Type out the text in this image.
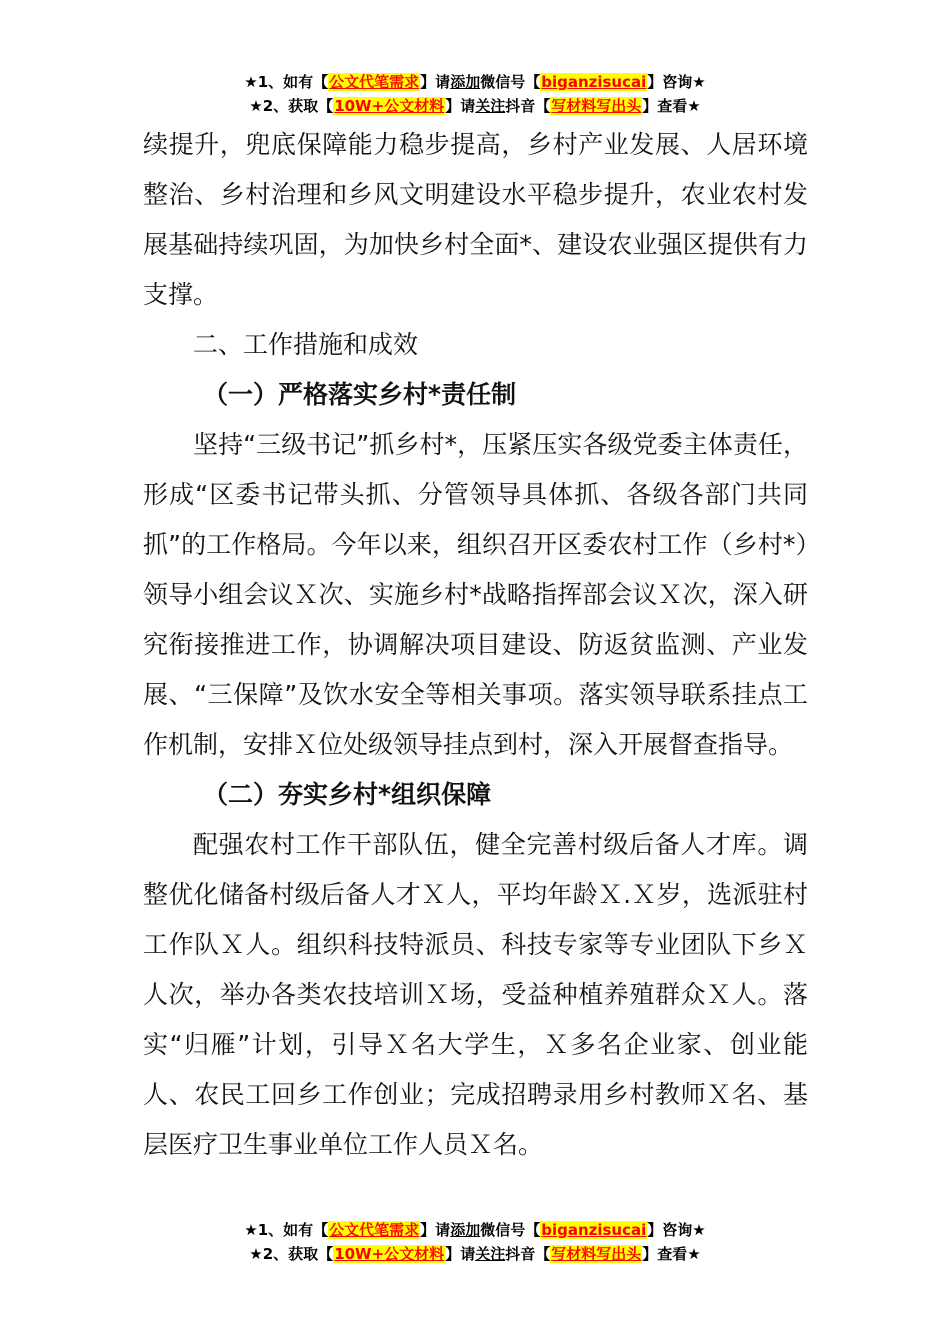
★1、如有【公文代笔需求】请添加微信号【biganzisucai】咨询★
★2、获取【10W+公文材料】请关注抖音【写材料写出头】查看★

续提升，兜底保障能力稳步提高，乡村产业发展、人居环境整治、乡村治理和乡风文明建设水平稳步提升，农业农村发展基础持续巩固，为加快乡村全面*、建设农业强区提供有力支撑。

二、工作措施和成效

（一）严格落实乡村*责任制

坚持“三级书记”抓乡村*，压紧压实各级党委主体责任，形成“区委书记带头抓、分管领导具体抓、各级各部门共同抓”的工作格局。今年以来，组织召开区委农村工作（乡村*）领导小组会议Ｘ次、实施乡村*战略指挥部会议Ｘ次，深入研究衔接推进工作，协调解决项目建设、防返贫监测、产业发展、“三保障”及饮水安全等相关事项。落实领导联系挂点工作机制，安排Ｘ位处级领导挂点到村，深入开展督查指导。

（二）夯实乡村*组织保障

配强农村工作干部队伍，健全完善村级后备人才库。调整优化储备村级后备人才Ｘ人，平均年龄Ｘ.Ｘ岁，选派驻村工作队Ｘ人。组织科技特派员、科技专家等专业团队下乡Ｘ人次，举办各类农技培训Ｘ场，受益种植养殖群众Ｘ人。落实“归雁”计划，引导Ｘ名大学生，Ｘ多名企业家、创业能人、农民工回乡工作创业；完成招聘录用乡村教师Ｘ名、基层医疗卫生事业单位工作人员Ｘ名。

★1、如有【公文代笔需求】请添加微信号【biganzisucai】咨询★
★2、获取【10W+公文材料】请关注抖音【写材料写出头】查看★
